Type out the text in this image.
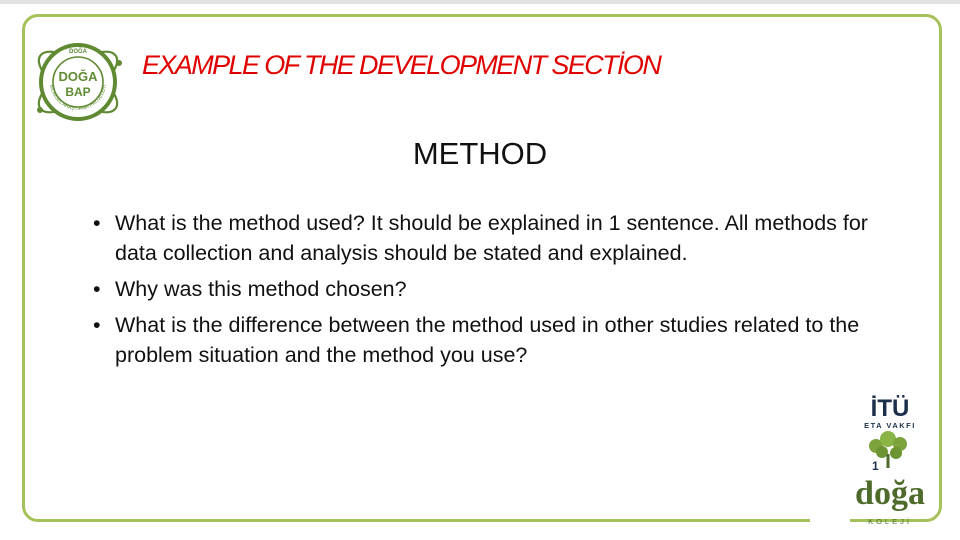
DOĞA
DOĞA
BAP
BİLİMSEL ARAŞTIRMA PROJELERİ
EXAMPLE OF THE DEVELOPMENT SECTİON
METHOD
• What is the method used? It should be explained in 1 sentence. All methods for data collection and analysis should be stated and explained.
• Why was this method chosen?
• What is the difference between the method used in other studies related to the problem situation and the method you use?
İTÜ
ETA VAKFI
1
doğa
KOLEJİ
